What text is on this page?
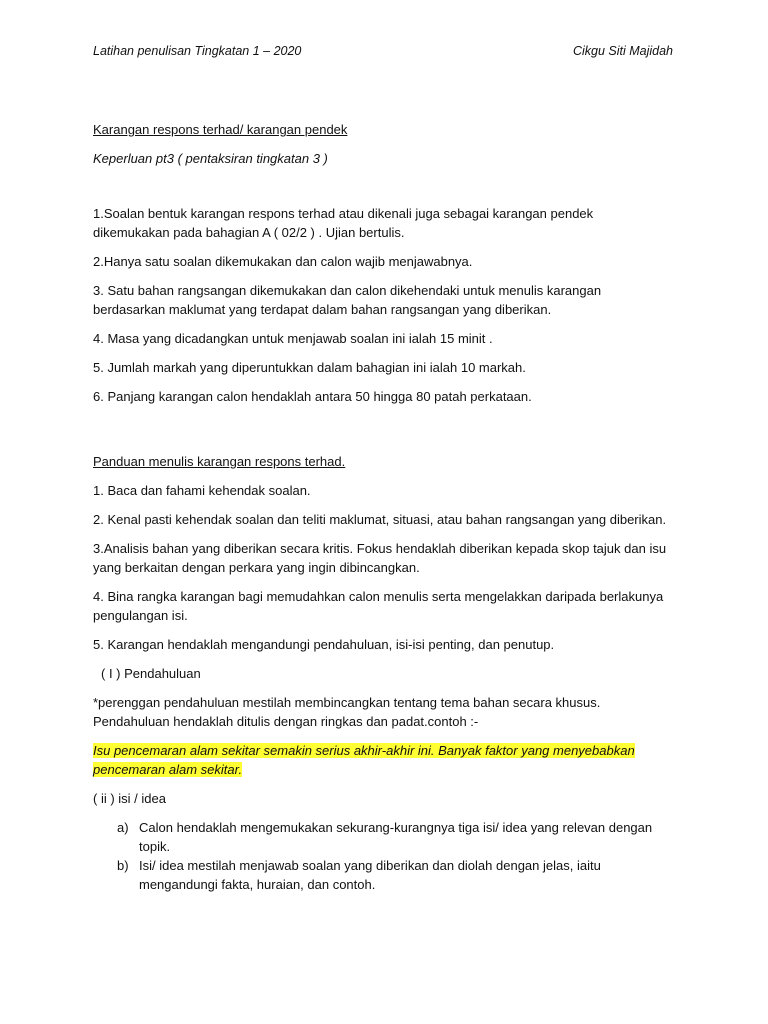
Latihan penulisan Tingkatan 1 – 2020	Cikgu Siti Majidah

Karangan respons terhad/ karangan pendek

Keperluan pt3 ( pentaksiran tingkatan 3 )

1.Soalan bentuk karangan respons terhad atau dikenali juga sebagai karangan pendek dikemukakan pada bahagian A ( 02/2 ) . Ujian bertulis.

2.Hanya satu soalan dikemukakan dan calon wajib menjawabnya.

3. Satu bahan rangsangan dikemukakan dan calon dikehendaki untuk menulis karangan berdasarkan maklumat yang terdapat dalam bahan rangsangan yang diberikan.

4. Masa yang dicadangkan untuk menjawab soalan ini ialah 15 minit .

5. Jumlah markah yang diperuntukkan dalam bahagian ini ialah 10 markah.

6. Panjang karangan calon hendaklah antara 50 hingga 80 patah perkataan.

Panduan menulis karangan respons terhad.

1. Baca dan fahami kehendak soalan.

2. Kenal pasti kehendak soalan dan teliti maklumat, situasi, atau bahan rangsangan yang diberikan.

3.Analisis bahan yang diberikan secara kritis. Fokus hendaklah diberikan kepada skop tajuk dan isu yang berkaitan dengan perkara yang ingin dibincangkan.

4. Bina rangka karangan bagi memudahkan calon menulis serta mengelakkan daripada berlakunya pengulangan isi.

5. Karangan hendaklah mengandungi pendahuluan, isi-isi penting, dan penutup.

( I ) Pendahuluan

*perenggan pendahuluan mestilah membincangkan tentang tema bahan secara khusus. Pendahuluan hendaklah ditulis dengan ringkas dan padat.contoh :-

Isu pencemaran alam sekitar semakin serius akhir-akhir ini. Banyak faktor yang menyebabkan pencemaran alam sekitar.

( ii ) isi / idea

a) Calon hendaklah mengemukakan sekurang-kurangnya tiga isi/ idea yang relevan dengan topik.
b) Isi/ idea mestilah menjawab soalan yang diberikan dan diolah dengan jelas, iaitu mengandungi fakta, huraian, dan contoh.
